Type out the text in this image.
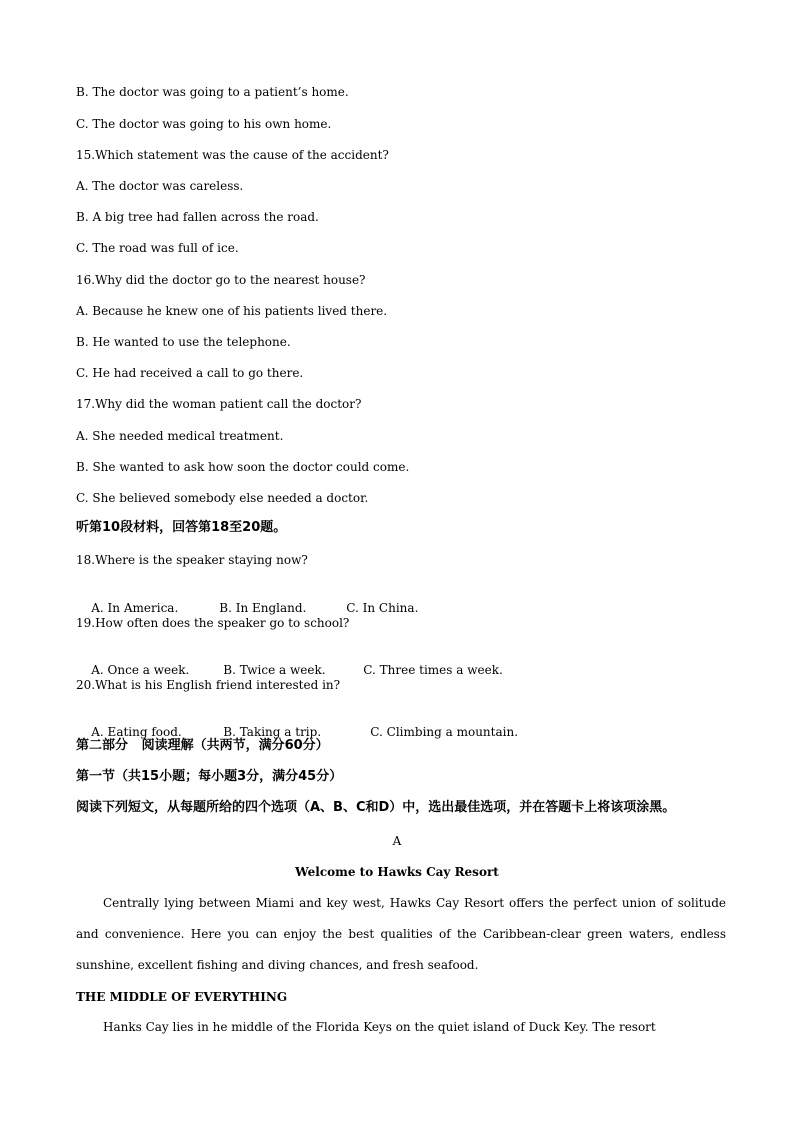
B. The doctor was going to a patient’s home.
C. The doctor was going to his own home.
15.Which statement was the cause of the accident?
A. The doctor was careless.
B. A big tree had fallen across the road.
C. The road was full of ice.
16.Why did the doctor go to the nearest house?
A. Because he knew one of his patients lived there.
B. He wanted to use the telephone.
C. He had received a call to go there.
17.Why did the woman patient call the doctor?
A. She needed medical treatment.
B. She wanted to ask how soon the doctor could come.
C. She believed somebody else needed a doctor.
听第10段材料，回答第18至20题。
18.Where is the speaker staying now?

A. In America.	B. In England.	C. In China.

19.How often does the speaker go to school?

A. Once a week.	B. Twice a week.	C. Three times a week.

20.What is his English friend interested in?

A. Eating food.	B. Taking a trip.	C. Climbing a mountain.

第二部分   阅读理解（共两节，满分60分）
第一节（共15小题；每小题3分，满分45分）
阅读下列短文，从每题所给的四个选项（A、B、C和D）中，选出最佳选项，并在答题卡上将该项涂黑。
A
Welcome to Hawks Cay Resort
Centrally lying between Miami and key west, Hawks Cay Resort offers the perfect union of solitude and convenience. Here you can enjoy the best qualities of the Caribbean-clear green waters, endless sunshine, excellent fishing and diving chances, and fresh seafood.
THE MIDDLE OF EVERYTHING
Hanks Cay lies in he middle of the Florida Keys on the quiet island of Duck Key. The resort
